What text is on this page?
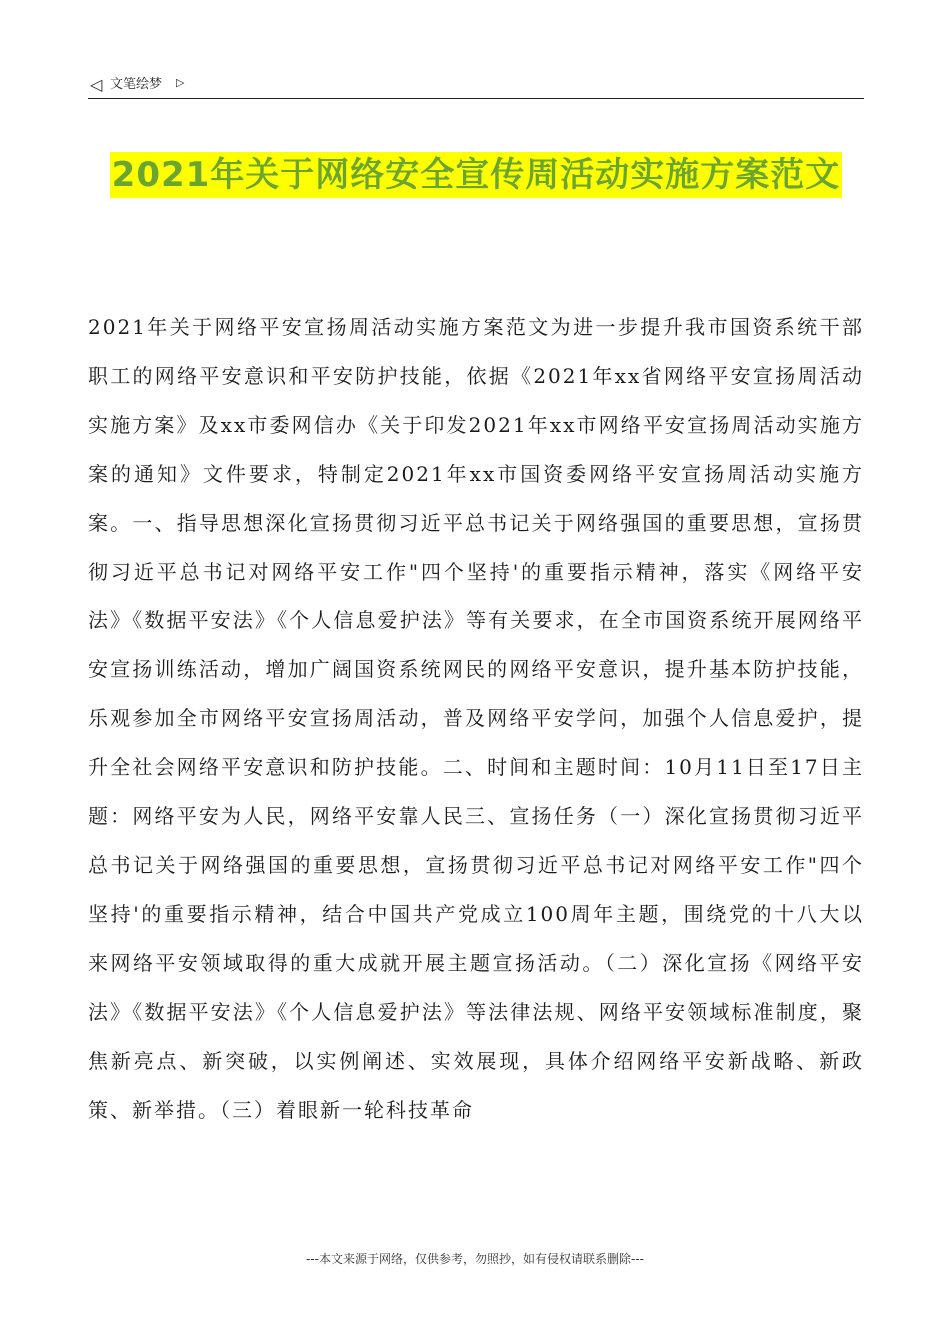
◁ 文笔绘梦 ▷
2021年关于网络安全宣传周活动实施方案范文

2021年关于网络平安宣扬周活动实施方案范文为进一步提升我市国资系统干部职工的网络平安意识和平安防护技能，依据《2021年xx省网络平安宣扬周活动实施方案》及xx市委网信办《关于印发2021年xx市网络平安宣扬周活动实施方案的通知》文件要求，特制定2021年xx市国资委网络平安宣扬周活动实施方案。一、指导思想深化宣扬贯彻习近平总书记关于网络强国的重要思想，宣扬贯彻习近平总书记对网络平安工作"四个坚持'的重要指示精神，落实《网络平安法》《数据平安法》《个人信息爱护法》等有关要求，在全市国资系统开展网络平安宣扬训练活动，增加广阔国资系统网民的网络平安意识，提升基本防护技能，乐观参加全市网络平安宣扬周活动，普及网络平安学问，加强个人信息爱护，提升全社会网络平安意识和防护技能。二、时间和主题时间：10月11日至17日主题：网络平安为人民，网络平安靠人民三、宣扬任务（一）深化宣扬贯彻习近平总书记关于网络强国的重要思想，宣扬贯彻习近平总书记对网络平安工作"四个坚持'的重要指示精神，结合中国共产党成立100周年主题，围绕党的十八大以来网络平安领域取得的重大成就开展主题宣扬活动。（二）深化宣扬《网络平安法》《数据平安法》《个人信息爱护法》等法律法规、网络平安领域标准制度，聚焦新亮点、新突破，以实例阐述、实效展现，具体介绍网络平安新战略、新政策、新举措。（三）着眼新一轮科技革命

---本文来源于网络，仅供参考，勿照抄，如有侵权请联系删除---
